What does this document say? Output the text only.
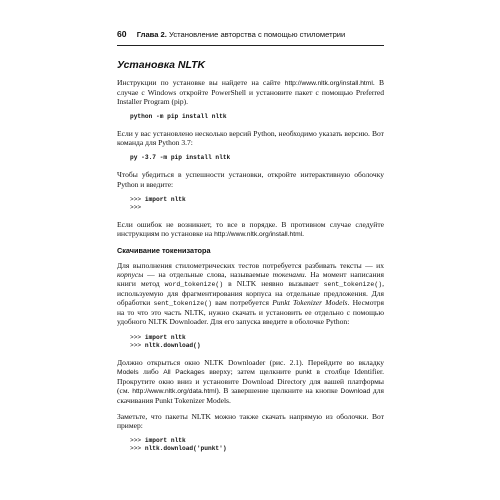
60 Глава 2. Установление авторства с помощью стилометрии
Установка NLTK

Инструкции по установке вы найдете на сайте http://www.nltk.org/install.html. В случае с Windows откройте PowerShell и установите пакет с помощью Preferred Installer Program (pip).

python -m pip install nltk

Если у вас установлено несколько версий Python, необходимо указать версию. Вот команда для Python 3.7:

py -3.7 -m pip install nltk

Чтобы убедиться в успешности установки, откройте интерактивную оболочку Python и введите:

>>> import nltk
>>>

Если ошибок не возникнет, то все в порядке. В противном случае следуйте инструкциям по установке на http://www.nltk.org/install.html.

Скачивание токенизатора

Для выполнения стилометрических тестов потребуется разбивать тексты — их корпусы — на отдельные слова, называемые токенами. На момент написания книги метод word_tokenize() в NLTK неявно вызывает sent_tokenize(), используемую для фрагментирования корпуса на отдельные предложения. Для обработки sent_tokenize() вам потребуется Punkt Tokenizer Models. Несмотря на то что это часть NLTK, нужно скачать и установить ее отдельно с помощью удобного NLTK Downloader. Для его запуска введите в оболочке Python:

>>> import nltk
>>> nltk.download()

Должно открыться окно NLTK Downloader (рис. 2.1). Перейдите во вкладку Models либо All Packages вверху; затем щелкните punkt в столбце Identifier. Прокрутите окно вниз и установите Download Directory для вашей платформы (см. http://www.nltk.org/data.html). В завершение щелкните на кнопке Download для скачивания Punkt Tokenizer Models.

Заметьте, что пакеты NLTK можно также скачать напрямую из оболочки. Вот пример:

>>> import nltk
>>> nltk.download('punkt')
